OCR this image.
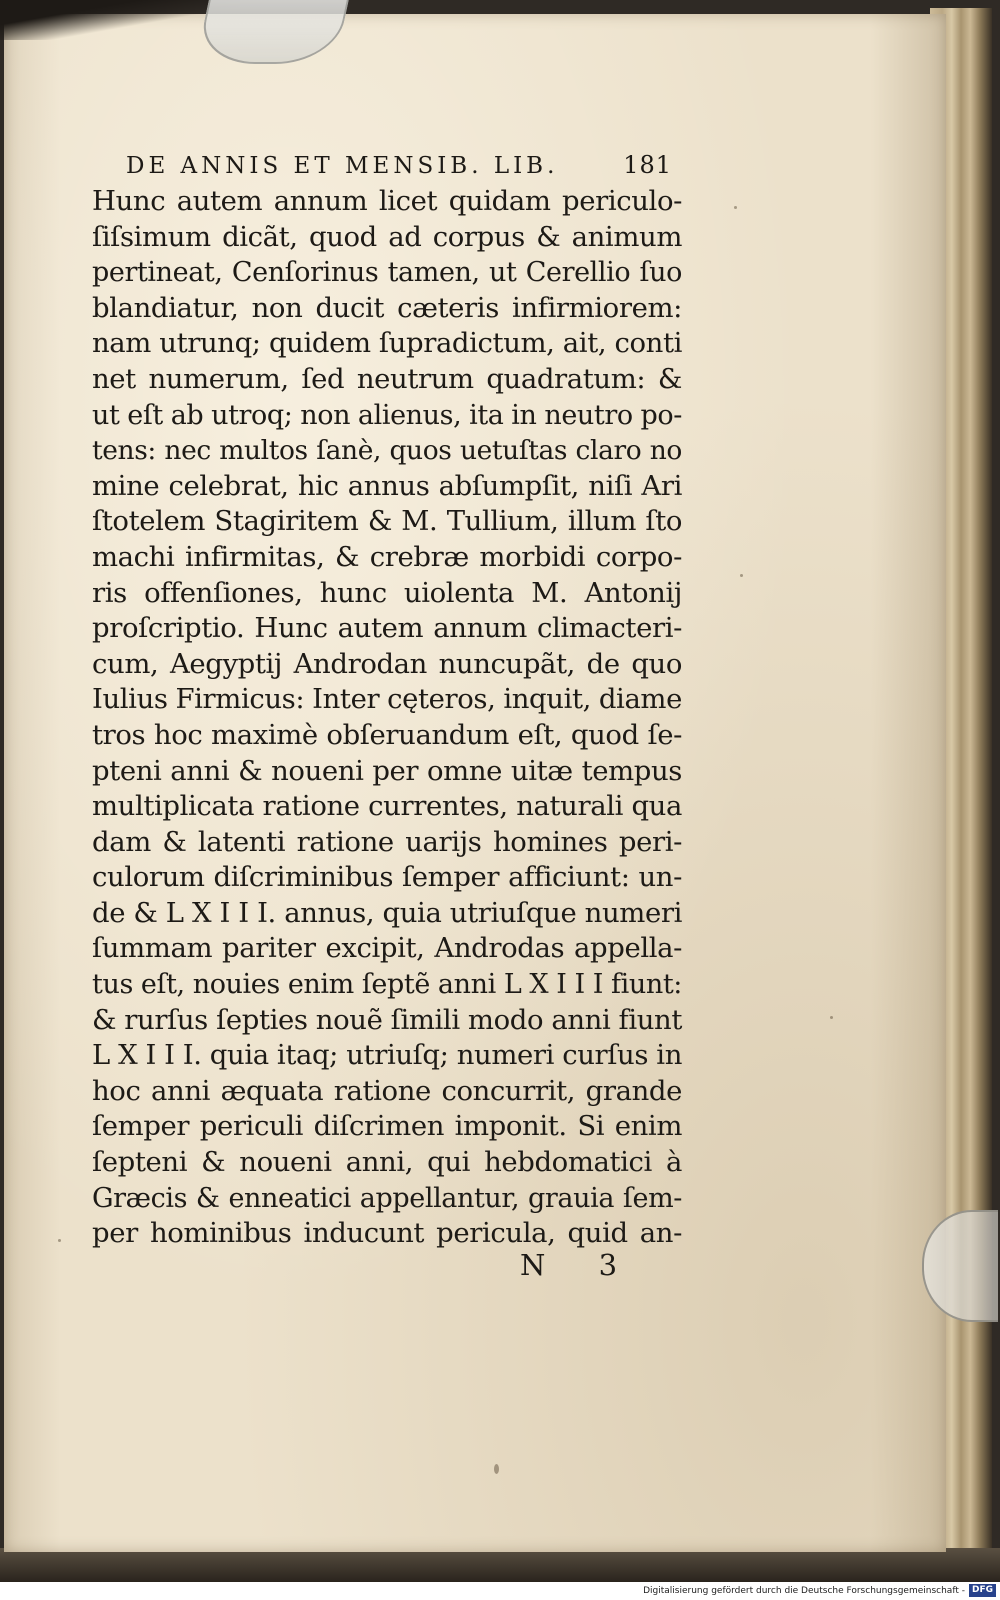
DE ANNIS ET MENSIB. LIB.	181
Hunc autem annum licet quidam periculo-
ſiſsimum dicãt, quod ad corpus & animum
pertineat, Cenſorinus tamen, ut Cerellio ſuo
blandiatur, non ducit cæteris infirmiorem:
nam utrunq; quidem ſupradictum, ait, conti
net numerum, ſed neutrum quadratum: &
ut eſt ab utroq; non alienus, ita in neutro po-
tens: nec multos ſanè, quos uetuſtas claro no
mine celebrat, hic annus abſumpſit, niſi Ari
ſtotelem Stagiritem & M. Tullium, illum ſto
machi infirmitas, & crebræ morbidi corpo-
ris offenſiones, hunc uiolenta M. Antonij
proſcriptio. Hunc autem annum climacteri-
cum, Aegyptij Androdan nuncupãt, de quo
Iulius Firmicus: Inter cęteros, inquit, diame
tros hoc maximè obſeruandum eſt, quod ſe-
pteni anni & noueni per omne uitæ tempus
multiplicata ratione currentes, naturali qua
dam & latenti ratione uarijs homines peri-
culorum diſcriminibus ſemper afficiunt: un-
de & L X I I I. annus, quia utriuſque numeri
ſummam pariter excipit, Androdas appella-
tus eſt, nouies enim ſeptẽ anni L X I I I fiunt:
& rurſus ſepties nouẽ ſimili modo anni fiunt
L X I I I. quia itaq; utriuſq; numeri curſus in
hoc anni æquata ratione concurrit, grande
ſemper periculi diſcrimen imponit. Si enim
ſepteni & noueni anni, qui hebdomatici à
Græcis & enneatici appellantur, grauia ſem-
per hominibus inducunt pericula, quid an-
N 3
Digitalisierung gefördert durch die Deutsche Forschungsgemeinschaft - DFG
